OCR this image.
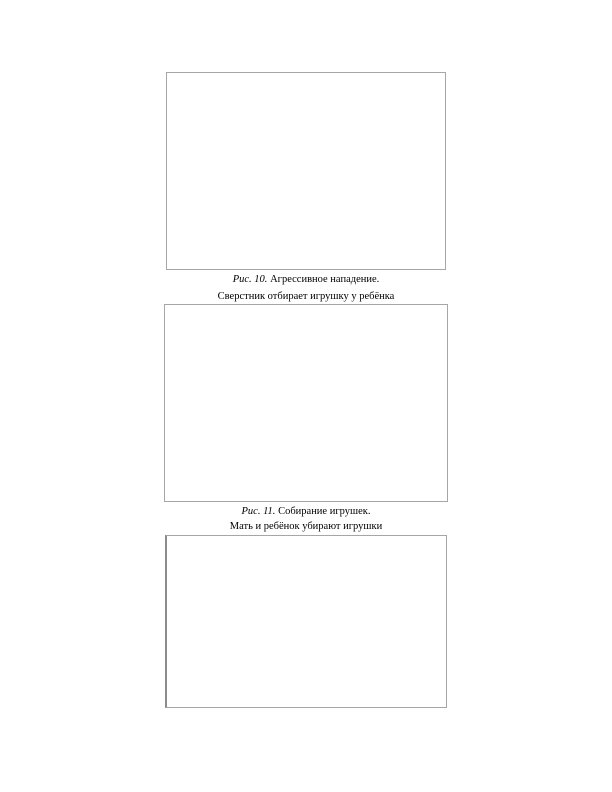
Рис. 10. Агрессивное нападение.
Сверстник отбирает игрушку у ребёнка
Рис. 11. Собирание игрушек.
Мать и ребёнок убирают игрушки
